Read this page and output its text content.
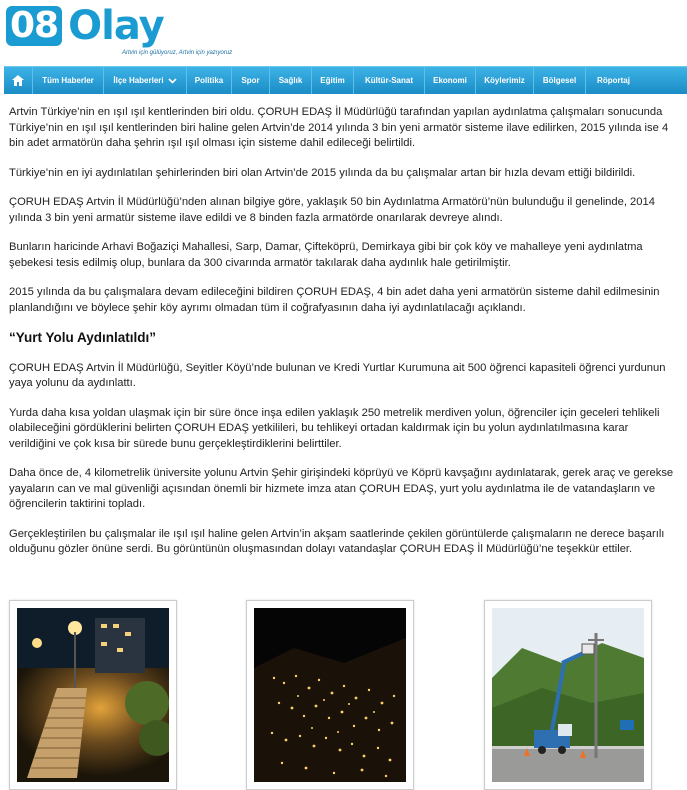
08 Olay
Artvin için gülüyoruz, Artvin için yazıyoruz
Tüm Haberler	İlçe Haberleri	Politika	Spor	Sağlık	Eğitim	Kültür-Sanat	Ekonomi	Köylerimiz	Bölgesel	Röportaj

Artvin Türkiye’nin en ışıl ışıl kentlerinden biri oldu. ÇORUH EDAŞ İl Müdürlüğü tarafından yapılan aydınlatma çalışmaları sonucunda Türkiye’nin en ışıl ışıl kentlerinden biri haline gelen Artvin’de 2014 yılında 3 bin yeni armatör sisteme ilave edilirken, 2015 yılında ise 4 bin adet armatörün daha şehrin ışıl ışıl olması için sisteme dahil edileceği belirtildi.

Türkiye’nin en iyi aydınlatılan şehirlerinden biri olan Artvin’de 2015 yılında da bu çalışmalar artan bir hızla devam ettiği bildirildi.

ÇORUH EDAŞ Artvin İl Müdürlüğü’nden alınan bilgiye göre, yaklaşık 50 bin Aydınlatma Armatörü’nün bulunduğu il genelinde, 2014 yılında 3 bin yeni armatür sisteme ilave edildi ve 8 binden fazla armatörde onarılarak devreye alındı.

Bunların haricinde Arhavi Boğaziçi Mahallesi, Sarp, Damar, Çifteköprü, Demirkaya gibi bir çok köy ve mahalleye yeni aydınlatma şebekesi tesis edilmiş olup, bunlara da 300 civarında armatör takılarak daha aydınlık hale getirilmiştir.

2015 yılında da bu çalışmalara devam edileceğini bildiren ÇORUH EDAŞ, 4 bin adet daha yeni armatörün sisteme dahil edilmesinin planlandığını ve böylece şehir köy ayrımı olmadan tüm il coğrafyasının daha iyi aydınlatılacağı açıklandı.

“Yurt Yolu Aydınlatıldı”

ÇORUH EDAŞ Artvin İl Müdürlüğü, Seyitler Köyü’nde bulunan ve Kredi Yurtlar Kurumuna ait 500 öğrenci kapasiteli öğrenci yurdunun yaya yolunu da aydınlattı.

Yurda daha kısa yoldan ulaşmak için bir süre önce inşa edilen yaklaşık 250 metrelik merdiven yolun, öğrenciler için geceleri tehlikeli olabileceğini gördüklerini belirten ÇORUH EDAŞ yetkilileri, bu tehlikeyi ortadan kaldırmak için bu yolun aydınlatılmasına karar verildiğini ve çok kısa bir sürede bunu gerçekleştirdiklerini belirttiler.

Daha önce de, 4 kilometrelik üniversite yolunu Artvin Şehir girişindeki köprüyü ve Köprü kavşağını aydınlatarak, gerek araç ve gerekse yayaların can ve mal güvenliği açısından önemli bir hizmete imza atan ÇORUH EDAŞ, yurt yolu aydınlatma ile de vatandaşların ve öğrencilerin taktirini topladı.

Gerçekleştirilen bu çalışmalar ile ışıl ışıl haline gelen Artvin’in akşam saatlerinde çekilen görüntülerde çalışmaların ne derece başarılı olduğunu gözler önüne serdi. Bu görüntünün oluşmasından dolayı vatandaşlar ÇORUH EDAŞ İl Müdürlüğü’ne teşekkür ettiler.
